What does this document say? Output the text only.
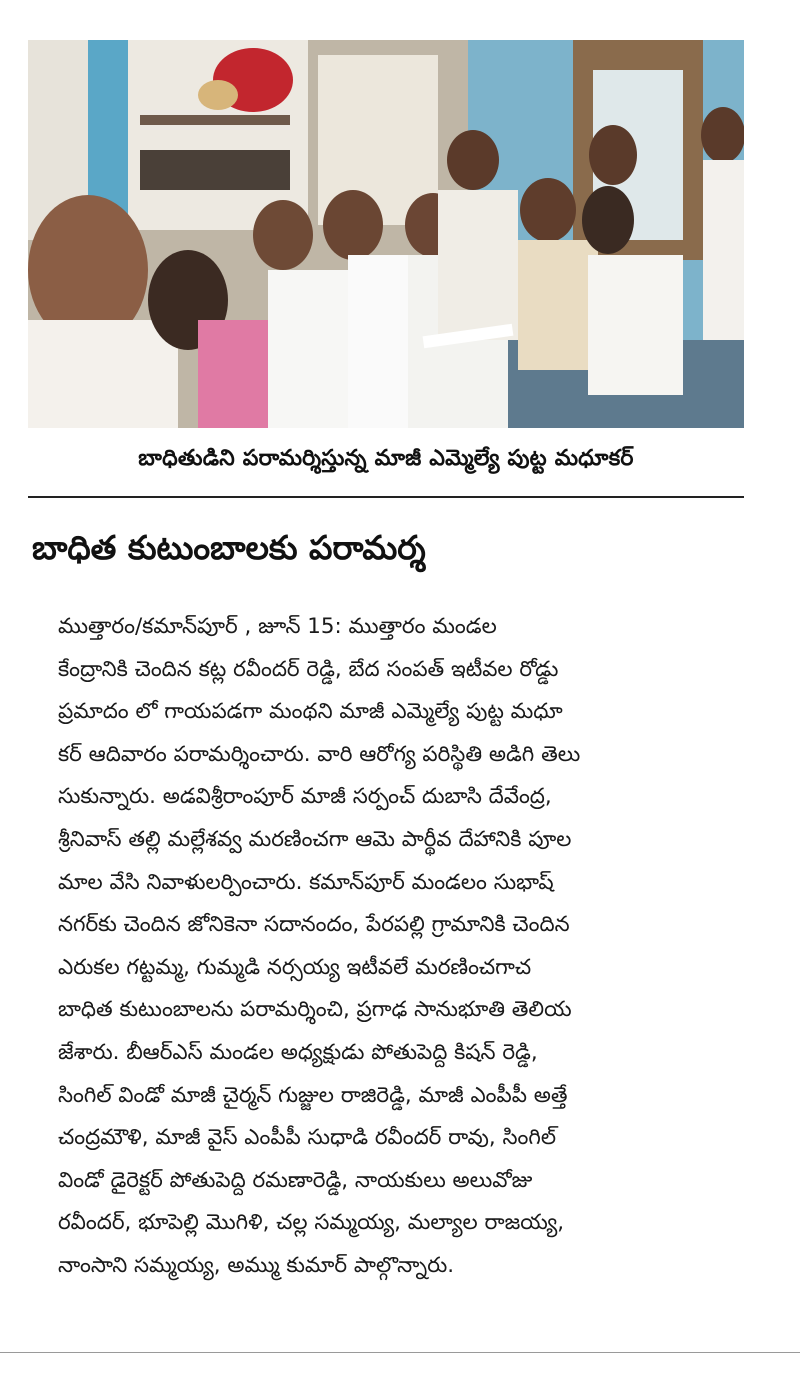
బాధితుడిని పరామర్శిస్తున్న మాజీ ఎమ్మెల్యే పుట్ట మధూకర్
బాధిత కుటుంబాలకు పరామర్శ

ముత్తారం/కమాన్‌పూర్ , జూన్ 15: ముత్తారం మండల

కేంద్రానికి చెందిన కట్ల రవీందర్ రెడ్డి, బేద సంపత్ ఇటీవల రోడ్డు

ప్రమాదం లో గాయపడగా మంథని మాజీ ఎమ్మెల్యే పుట్ట మధూ

కర్ ఆదివారం పరామర్శించారు. వారి ఆరోగ్య పరిస్థితి అడిగి తెలు

సుకున్నారు. అడవిశ్రీరాంపూర్ మాజీ సర్పంచ్ దుబాసి దేవేంద్ర,

శ్రీనివాస్ తల్లి మల్లేశవ్వ మరణించగా ఆమె పార్థీవ దేహానికి పూల

మాల వేసి నివాళులర్పించారు. కమాన్‌పూర్ మండలం సుభాష్

నగర్‌కు చెందిన జోనికెనా సదానందం, పేరపల్లి గ్రామానికి చెందిన

ఎరుకల గట్టమ్మ, గుమ్మడి నర్సయ్య ఇటీవలే మరణించగాచ

బాధిత కుటుంబాలను పరామర్శించి, ప్రగాఢ సానుభూతి తెలియ

జేశారు. బీఆర్ఎస్ మండల అధ్యక్షుడు పోతుపెద్ది కిషన్ రెడ్డి,

సింగిల్ విండో మాజీ చైర్మన్ గుజ్జుల రాజిరెడ్డి, మాజీ ఎంపీపీ అత్తే

చంద్రమౌళి, మాజీ వైస్ ఎంపీపీ సుధాడి రవీందర్ రావు, సింగిల్

విండో డైరెక్టర్ పోతుపెద్ది రమణారెడ్డి, నాయకులు అలువోజు

రవీందర్, భూపెల్లి మొగిళి, చల్ల సమ్మయ్య, మల్యాల రాజయ్య,

నాంసాని సమ్మయ్య, అమ్ము కుమార్ పాల్గొన్నారు.
